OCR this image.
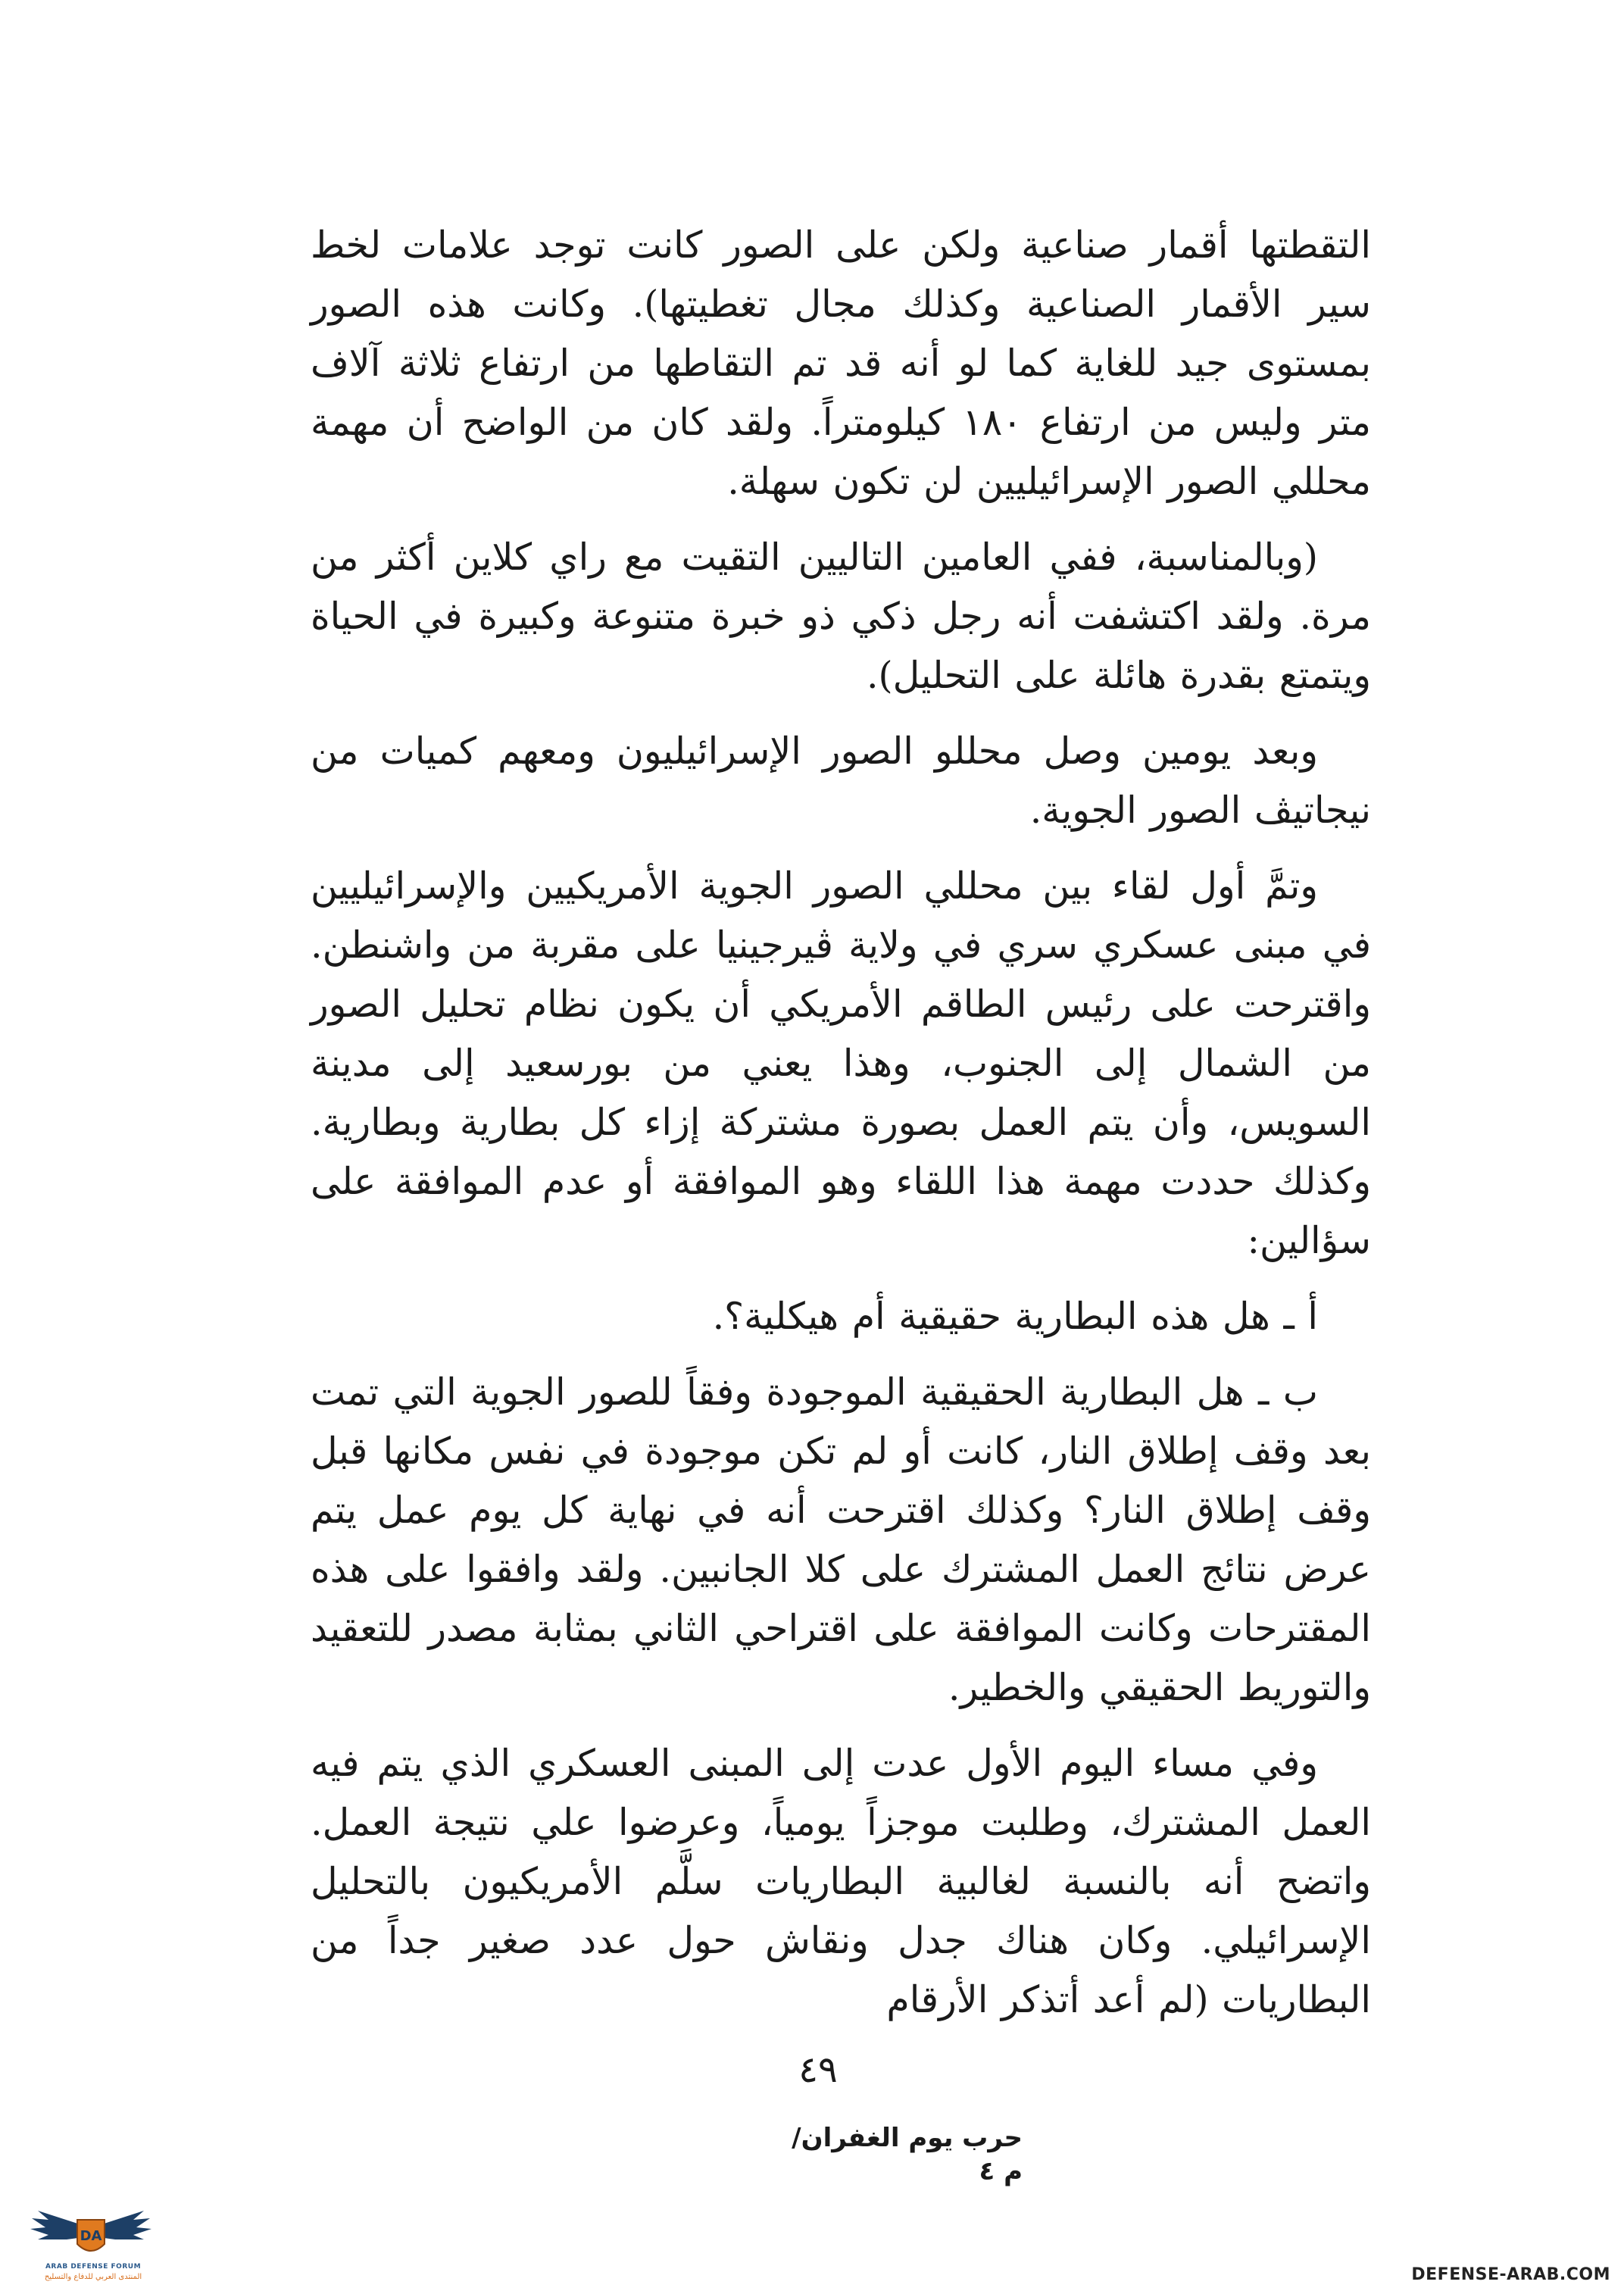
التقطتها أقمار صناعية ولكن على الصور كانت توجد علامات لخط سير الأقمار الصناعية وكذلك مجال تغطيتها). وكانت هذه الصور بمستوى جيد للغاية كما لو أنه قد تم التقاطها من ارتفاع ثلاثة آلاف متر وليس من ارتفاع ١٨٠ كيلومتراً. ولقد كان من الواضح أن مهمة محللي الصور الإسرائيليين لن تكون سهلة.

(وبالمناسبة، ففي العامين التاليين التقيت مع راي كلاين أكثر من مرة. ولقد اكتشفت أنه رجل ذكي ذو خبرة متنوعة وكبيرة في الحياة ويتمتع بقدرة هائلة على التحليل).

وبعد يومين وصل محللو الصور الإسرائيليون ومعهم كميات من نيجاتيڤ الصور الجوية.

وتمَّ أول لقاء بين محللي الصور الجوية الأمريكيين والإسرائيليين في مبنى عسكري سري في ولاية ڤيرجينيا على مقربة من واشنطن. واقترحت على رئيس الطاقم الأمريكي أن يكون نظام تحليل الصور من الشمال إلى الجنوب، وهذا يعني من بورسعيد إلى مدينة السويس، وأن يتم العمل بصورة مشتركة إزاء كل بطارية وبطارية. وكذلك حددت مهمة هذا اللقاء وهو الموافقة أو عدم الموافقة على سؤالين:

أ ـ هل هذه البطارية حقيقية أم هيكلية؟.

ب ـ هل البطارية الحقيقية الموجودة وفقاً للصور الجوية التي تمت بعد وقف إطلاق النار، كانت أو لم تكن موجودة في نفس مكانها قبل وقف إطلاق النار؟ وكذلك اقترحت أنه في نهاية كل يوم عمل يتم عرض نتائج العمل المشترك على كلا الجانبين. ولقد وافقوا على هذه المقترحات وكانت الموافقة على اقتراحي الثاني بمثابة مصدر للتعقيد والتوريط الحقيقي والخطير.

وفي مساء اليوم الأول عدت إلى المبنى العسكري الذي يتم فيه العمل المشترك، وطلبت موجزاً يومياً، وعرضوا علي نتيجة العمل. واتضح أنه بالنسبة لغالبية البطاريات سلَّم الأمريكيون بالتحليل الإسرائيلي. وكان هناك جدل ونقاش حول عدد صغير جداً من البطاريات (لم أعد أتذكر الأرقام

٤٩
حرب يوم الغفران/ م ٤
DA
ARAB DEFENSE FORUM
المنتدى العربي للدفاع والتسليح	DEFENSE-ARAB.COM
